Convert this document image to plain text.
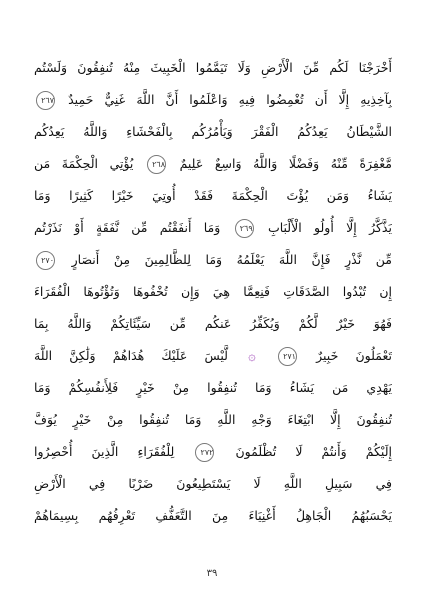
أَخْرَجْنَا لَكُم مِّنَ الْأَرْضِ وَلَا تَيَمَّمُوا الْخَبِيثَ مِنْهُ تُنفِقُونَ وَلَسْتُم
بِآخِذِيهِ إِلَّا أَن تُغْمِضُوا فِيهِ وَاعْلَمُوا أَنَّ اللَّهَ غَنِيٌّ حَمِيدٌ ٢٦٧
الشَّيْطَانُ يَعِدُكُمُ الْفَقْرَ وَيَأْمُرُكُم بِالْفَحْشَاءِ وَاللَّهُ يَعِدُكُم
مَّغْفِرَةً مِّنْهُ وَفَضْلًا وَاللَّهُ وَاسِعٌ عَلِيمٌ ٢٦٨ يُؤْتِي الْحِكْمَةَ مَن
يَشَاءُ وَمَن يُؤْتَ الْحِكْمَةَ فَقَدْ أُوتِيَ خَيْرًا كَثِيرًا وَمَا
يَذَّكَّرُ إِلَّا أُولُو الْأَلْبَابِ ٢٦٩ وَمَا أَنفَقْتُم مِّن نَّفَقَةٍ أَوْ نَذَرْتُم
مِّن نَّذْرٍ فَإِنَّ اللَّهَ يَعْلَمُهُ وَمَا لِلظَّالِمِينَ مِنْ أَنصَارٍ ٢٧٠
إِن تُبْدُوا الصَّدَقَاتِ فَنِعِمَّا هِيَ وَإِن تُخْفُوهَا وَتُؤْتُوهَا الْفُقَرَاءَ
فَهُوَ خَيْرٌ لَّكُمْ وَيُكَفِّرُ عَنكُم مِّن سَيِّئَاتِكُمْ وَاللَّهُ بِمَا
تَعْمَلُونَ خَبِيرٌ ٢٧١ ۞ لَّيْسَ عَلَيْكَ هُدَاهُمْ وَلَٰكِنَّ اللَّهَ
يَهْدِي مَن يَشَاءُ وَمَا تُنفِقُوا مِنْ خَيْرٍ فَلِأَنفُسِكُمْ وَمَا
تُنفِقُونَ إِلَّا ابْتِغَاءَ وَجْهِ اللَّهِ وَمَا تُنفِقُوا مِنْ خَيْرٍ يُوَفَّ
إِلَيْكُمْ وَأَنتُمْ لَا تُظْلَمُونَ ٢٧٢ لِلْفُقَرَاءِ الَّذِينَ أُحْصِرُوا
فِي سَبِيلِ اللَّهِ لَا يَسْتَطِيعُونَ ضَرْبًا فِي الْأَرْضِ
يَحْسَبُهُمُ الْجَاهِلُ أَغْنِيَاءَ مِنَ التَّعَفُّفِ تَعْرِفُهُم بِسِيمَاهُمْ
٣٩
